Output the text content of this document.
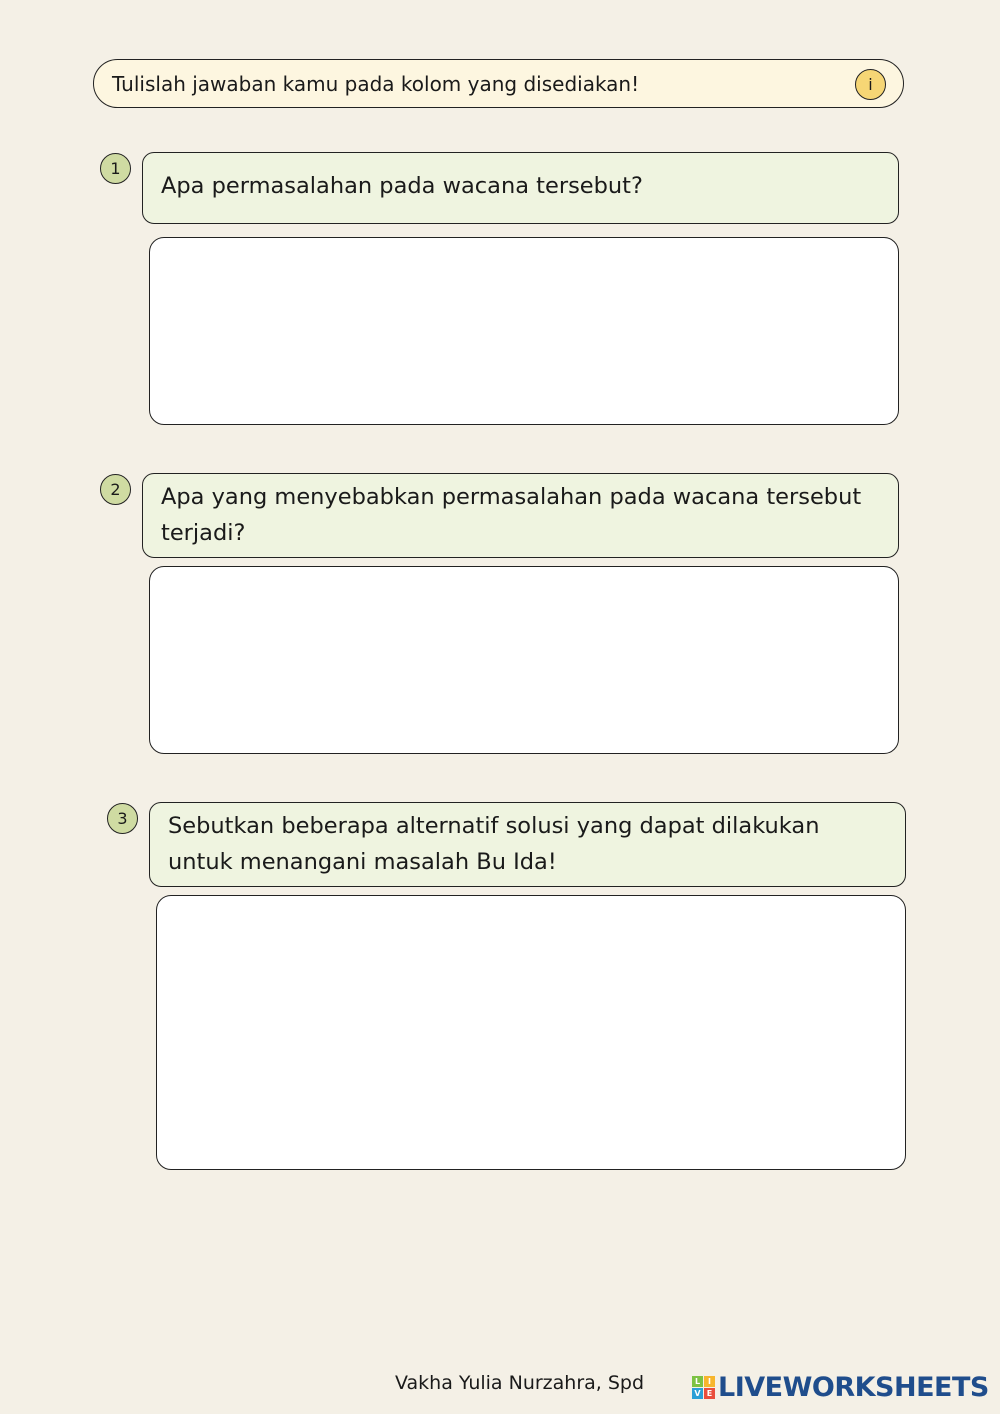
Tulislah jawaban kamu pada kolom yang disediakan!	i
1
Apa permasalahan pada wacana tersebut?
2	Apa yang menyebabkan permasalahan pada wacana tersebut terjadi?
3	Sebutkan beberapa alternatif solusi yang dapat dilakukan untuk menangani masalah Bu Ida!
Vakha Yulia Nurzahra, Spd	L I
V E LIVEWORKSHEETS
